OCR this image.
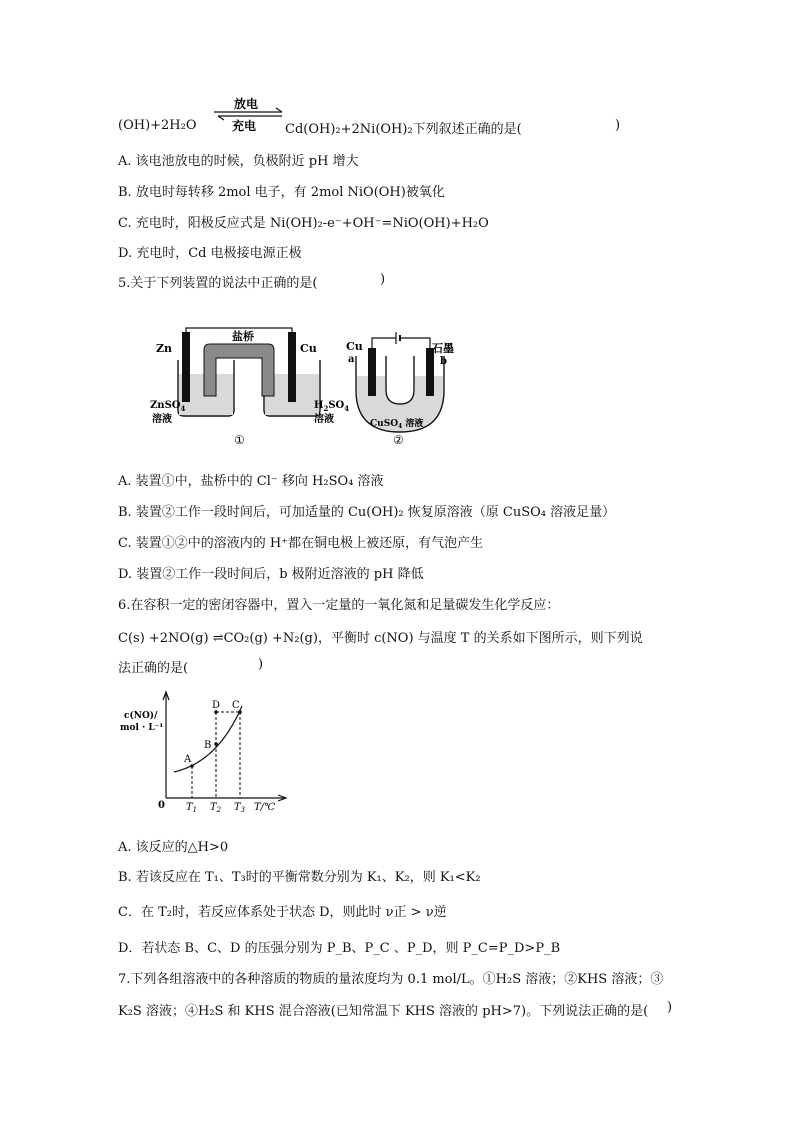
(OH)+2H₂O
放电
充电 Cd(OH)₂+2Ni(OH)₂下列叙述正确的是(	)
A. 该电池放电的时候，负极附近 pH 增大
B. 放电时每转移 2mol 电子，有 2mol NiO(OH)被氧化
C. 充电时，阳极反应式是 Ni(OH)₂-e⁻+OH⁻=NiO(OH)+H₂O
D. 充电时，Cd 电极接电源正极
5.关于下列装置的说法中正确的是(	)
盐桥
Zn	Cu
ZnSO$_4$
溶液
$H_2SO_4$
溶液
①
Cu
a
石墨
b
CuSO$_4$ 溶液
②
A. 装置①中，盐桥中的 Cl⁻ 移向 H₂SO₄ 溶液
B. 装置②工作一段时间后，可加适量的 Cu(OH)₂ 恢复原溶液（原 CuSO₄ 溶液足量）
C. 装置①②中的溶液内的 H⁺都在铜电极上被还原，有气泡产生
D. 装置②工作一段时间后，b 极附近溶液的 pH 降低
6.在容积一定的密闭容器中，置入一定量的一氧化氮和足量碳发生化学反应：
C(s) +2NO(g) ⇌CO₂(g) +N₂(g)，平衡时 c(NO) 与温度 T 的关系如下图所示，则下列说
法正确的是(	)
c(NO)/
mol · L⁻¹
0
A
B
D C
$T_1$ $T_2$ $T_3$ T/℃
A. 该反应的△H>0
B. 若该反应在 T₁、T₃时的平衡常数分别为 K₁、K₂，则 K₁<K₂
C．在 T₂时，若反应体系处于状态 D，则此时 ν正 > ν逆
D．若状态 B、C、D 的压强分别为 P_B、P_C 、P_D，则 P_C=P_D>P_B
7.下列各组溶液中的各种溶质的物质的量浓度均为 0.1 mol/L。①H₂S 溶液；②KHS 溶液；③
K₂S 溶液；④H₂S 和 KHS 混合溶液(已知常温下 KHS 溶液的 pH>7)。下列说法正确的是( )
